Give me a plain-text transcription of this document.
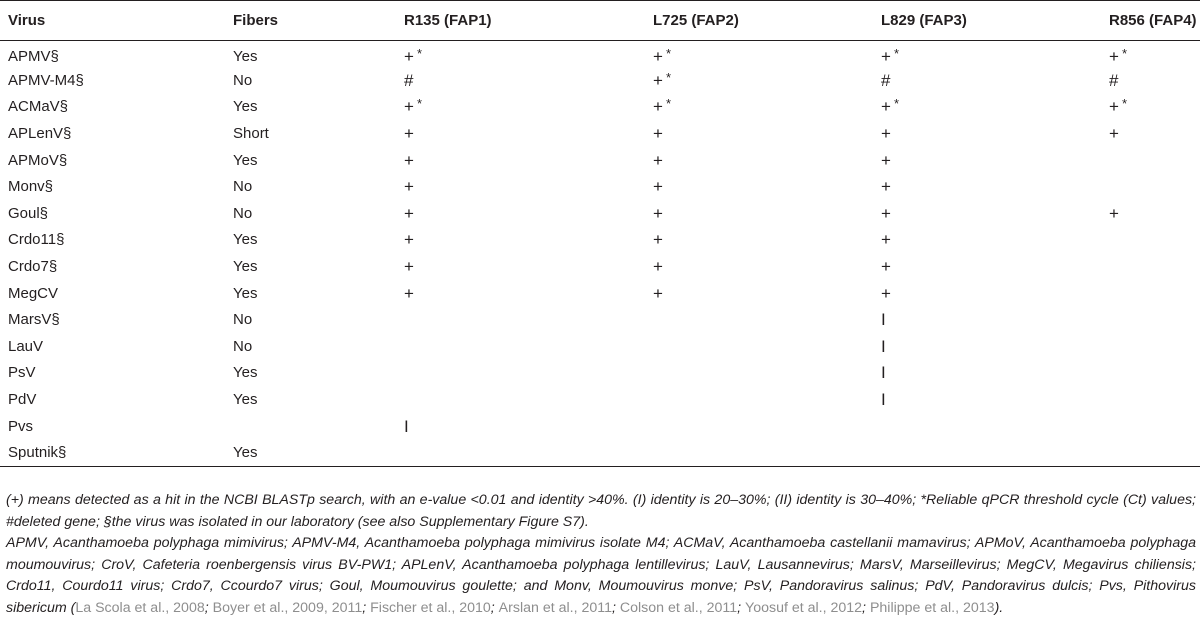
Virus	Fibers	R135 (FAP1)	L725 (FAP2)	L829 (FAP3)	R856 (FAP4)
APMV§	Yes	+ *	+ *	+ *	+ *
APMV-M4§	No	#	+ *	#	#
ACMaV§	Yes	+ *	+ *	+ *	+ *
APLenV§	Short	+	+	+	+
APMoV§	Yes	+	+	+	
Monv§	No	+	+	+	
Goul§	No	+	+	+	+
Crdo11§	Yes	+	+	+	
Crdo7§	Yes	+	+	+	
MegCV	Yes	+	+	+	
MarsV§	No			I	
LauV	No			I	
PsV	Yes			I	
PdV	Yes			I	
Pvs		I			
Sputnik§	Yes				

(+) means detected as a hit in the NCBI BLASTp search, with an e-value <0.01 and identity >40%. (I) identity is 20–30%; (II) identity is 30–40%; *Reliable qPCR threshold cycle (Ct) values; #deleted gene; §the virus was isolated in our laboratory (see also Supplementary Figure S7).

APMV, Acanthamoeba polyphaga mimivirus; APMV-M4, Acanthamoeba polyphaga mimivirus isolate M4; ACMaV, Acanthamoeba castellanii mamavirus; APMoV, Acanthamoeba polyphaga moumouvirus; CroV, Cafeteria roenbergensis virus BV-PW1; APLenV, Acanthamoeba polyphaga lentillevirus; LauV, Lausannevirus; MarsV, Marseillevirus; MegCV, Megavirus chiliensis; Crdo11, Courdo11 virus; Crdo7, Ccourdo7 virus; Goul, Moumouvirus goulette; and Monv, Moumouvirus monve; PsV, Pandoravirus salinus; PdV, Pandoravirus dulcis; Pvs, Pithovirus sibericum (La Scola et al., 2008; Boyer et al., 2009, 2011; Fischer et al., 2010; Arslan et al., 2011; Colson et al., 2011; Yoosuf et al., 2012; Philippe et al., 2013).
